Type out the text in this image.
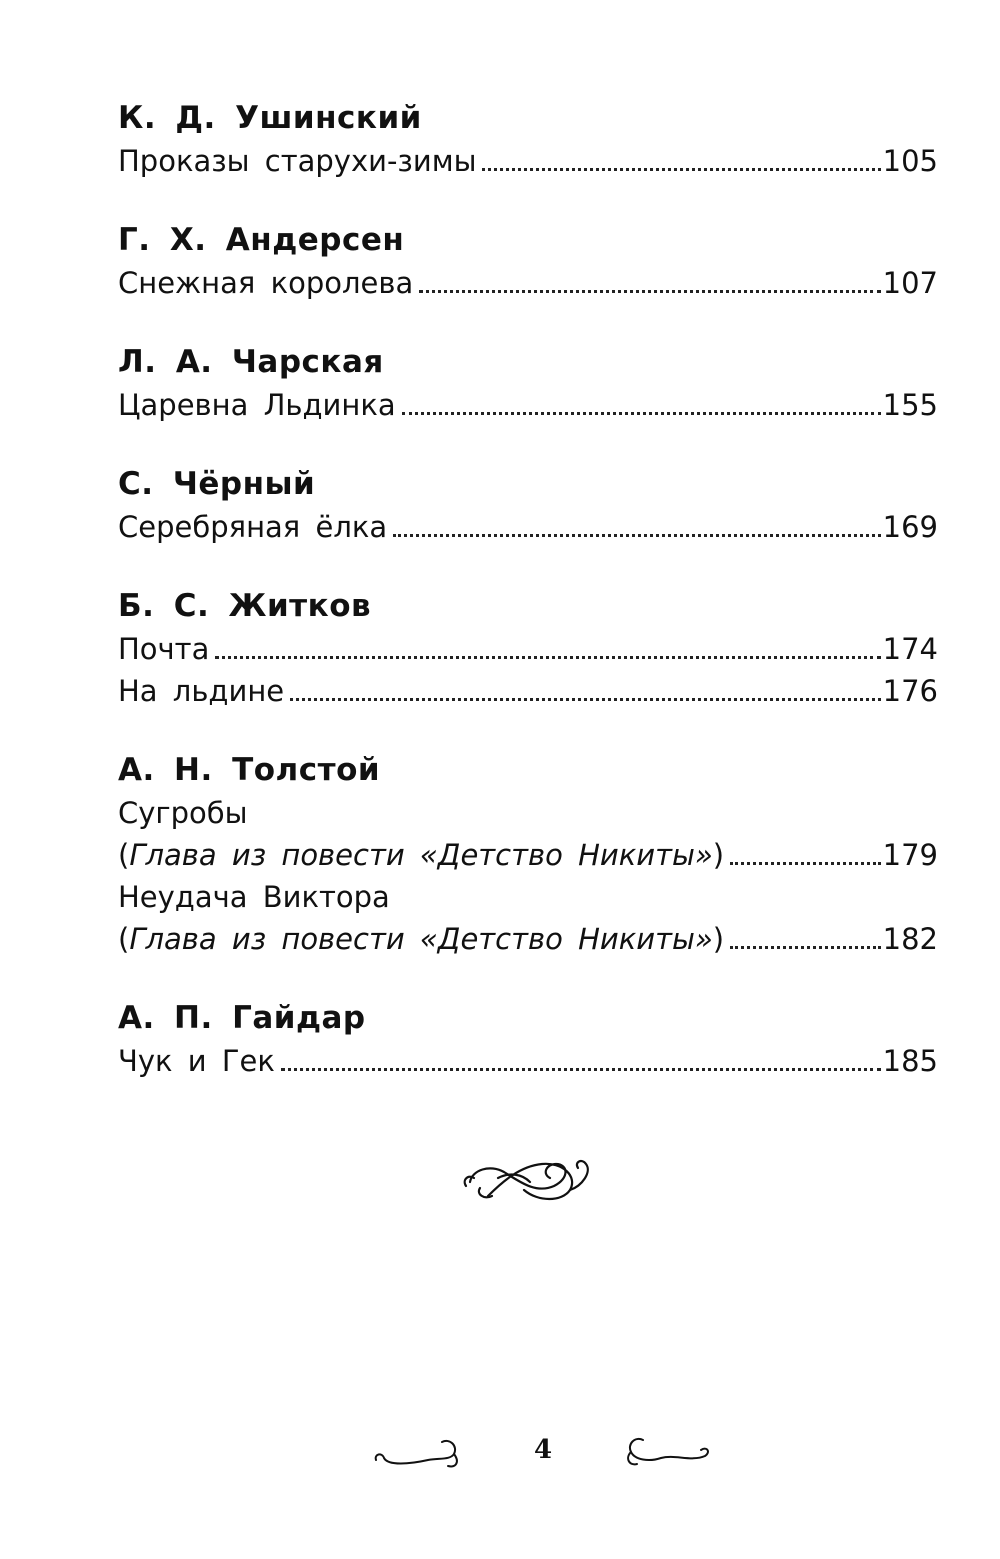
К. Д. Ушинский
Проказы старухи-зимы	105
Г. Х. Андерсен
Снежная королева	107
Л. А. Чарская
Царевна Льдинка	155
С. Чёрный
Серебряная ёлка	169
Б. С. Житков
Почта	174
На льдине	176
А. Н. Толстой
Сугробы
(Глава из повести «Детство Никиты»)	179
Неудача Виктора
(Глава из повести «Детство Никиты»)	182
А. П. Гайдар
Чук и Гек	185
4
